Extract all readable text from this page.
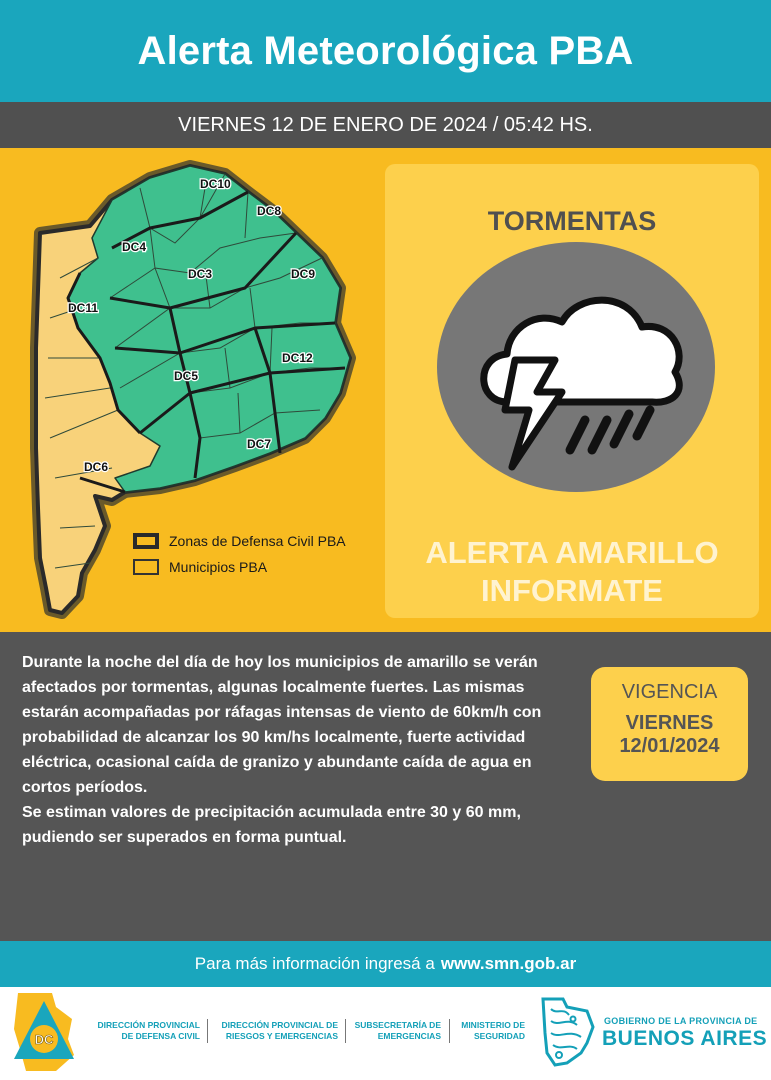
Alerta Meteorológica PBA
VIERNES 12 DE ENERO DE 2024 / 05:42 HS.
DC10
DC8
DC4
DC3	DC9
DC11
DC12
DC5
DC7
DC6
Zonas de Defensa Civil PBA
Municipios PBA
TORMENTAS
ALERTA AMARILLO
INFORMATE

Durante la noche del día de hoy los municipios de amarillo se verán afectados por tormentas, algunas localmente fuertes. Las mismas estarán acompañadas por ráfagas intensas de viento de 60km/h con probabilidad de alcanzar los 90 km/hs localmente, fuerte actividad eléctrica, ocasional caída de granizo y abundante caída de agua en cortos períodos.

Se estiman valores de precipitación acumulada entre 30 y 60 mm, pudiendo ser superados en forma puntual.

VIGENCIA
VIERNES
12/01/2024
Para más información ingresá a www.smn.gob.ar
DC
DIRECCIÓN PROVINCIAL
DE DEFENSA CIVIL
DIRECCIÓN PROVINCIAL DE
RIESGOS Y EMERGENCIAS
SUBSECRETARÍA DE
EMERGENCIAS
MINISTERIO DE
SEGURIDAD
GOBIERNO DE LA PROVINCIA DE
BUENOS AIRES
